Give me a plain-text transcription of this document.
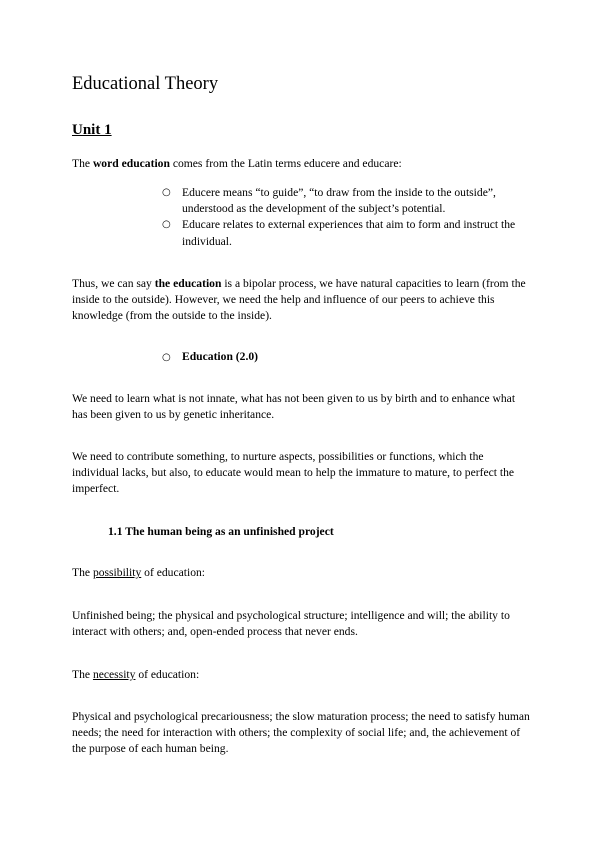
Educational Theory
Unit 1

The word education comes from the Latin terms educere and educare:

○ Educere means “to guide”, “to draw from the inside to the outside”, understood as the development of the subject’s potential.
○ Educare relates to external experiences that aim to form and instruct the individual.

Thus, we can say the education is a bipolar process, we have natural capacities to learn (from the inside to the outside). However, we need the help and influence of our peers to achieve this knowledge (from the outside to the inside).

○ Education (2.0)

We need to learn what is not innate, what has not been given to us by birth and to enhance what has been given to us by genetic inheritance.

We need to contribute something, to nurture aspects, possibilities or functions, which the individual lacks, but also, to educate would mean to help the immature to mature, to perfect the imperfect.

1.1 The human being as an unfinished project

The possibility of education:

Unfinished being; the physical and psychological structure; intelligence and will; the ability to interact with others; and, open-ended process that never ends.

The necessity of education:

Physical and psychological precariousness; the slow maturation process; the need to satisfy human needs; the need for interaction with others; the complexity of social life; and, the achievement of the purpose of each human being.
